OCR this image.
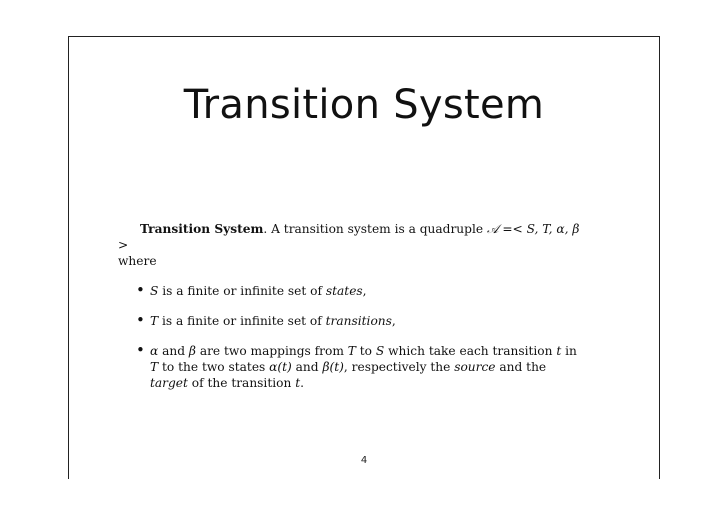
Transition System
Transition System. A transition system is a quadruple 𝒜 =< S, T, α, β >
where
• S is a finite or infinite set of states,
• T is a finite or infinite set of transitions,
• α and β are two mappings from T to S which take each transition t in T to the two states α(t) and β(t), respectively the source and the target of the transition t.
4
